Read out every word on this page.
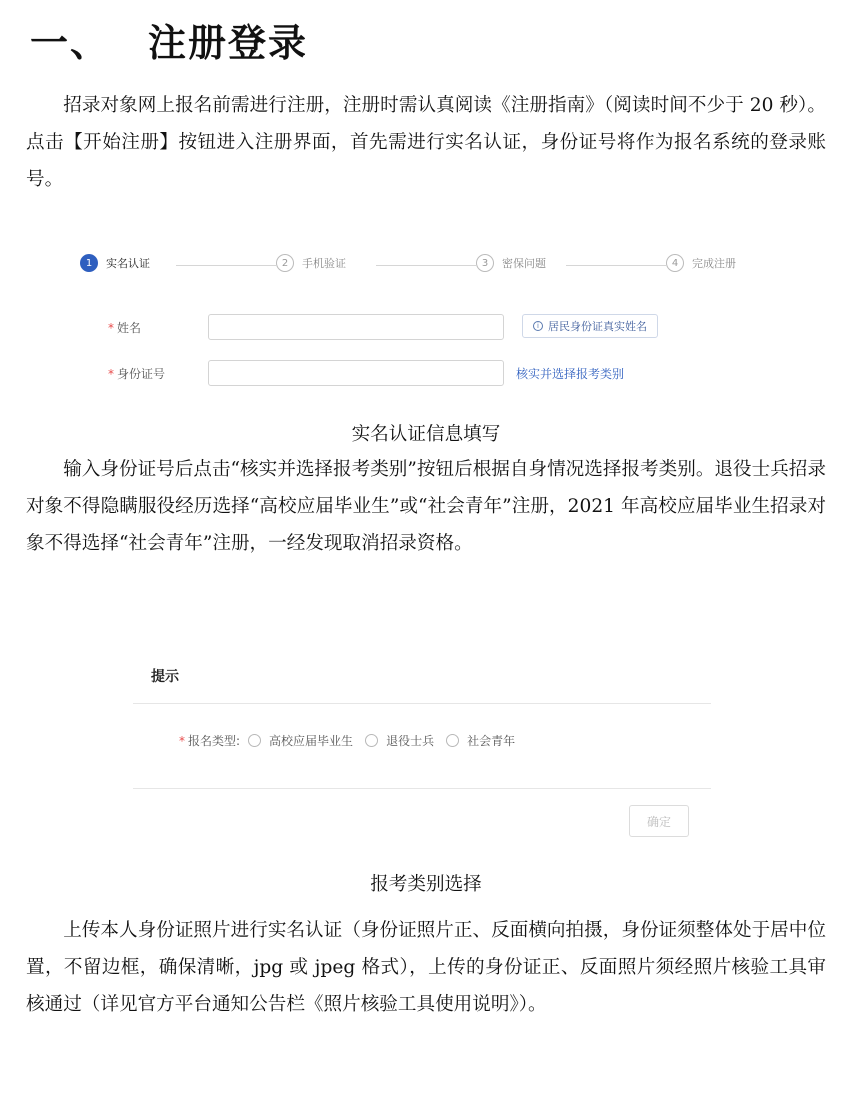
一、 注册登录

招录对象网上报名前需进行注册，注册时需认真阅读《注册指南》（阅读时间不少于 20 秒）。点击【开始注册】按钮进入注册界面，首先需进行实名认证，身份证号将作为报名系统的登录账号。

1	实名认证	2	手机验证	3	密保问题	4	完成注册
* 姓名	i 居民身份证真实姓名
* 身份证号	核实并选择报考类别
实名认证信息填写

输入身份证号后点击“核实并选择报考类别”按钮后根据自身情况选择报考类别。退役士兵招录对象不得隐瞒服役经历选择“高校应届毕业生”或“社会青年”注册，2021 年高校应届毕业生招录对象不得选择“社会青年”注册，一经发现取消招录资格。

提示
* 报名类型: 高校应届毕业生	退役士兵	社会青年
确定
报考类别选择

上传本人身份证照片进行实名认证（身份证照片正、反面横向拍摄，身份证须整体处于居中位置，不留边框，确保清晰，jpg 或 jpeg 格式），上传的身份证正、反面照片须经照片核验工具审核通过（详见官方平台通知公告栏《照片核验工具使用说明》）。
